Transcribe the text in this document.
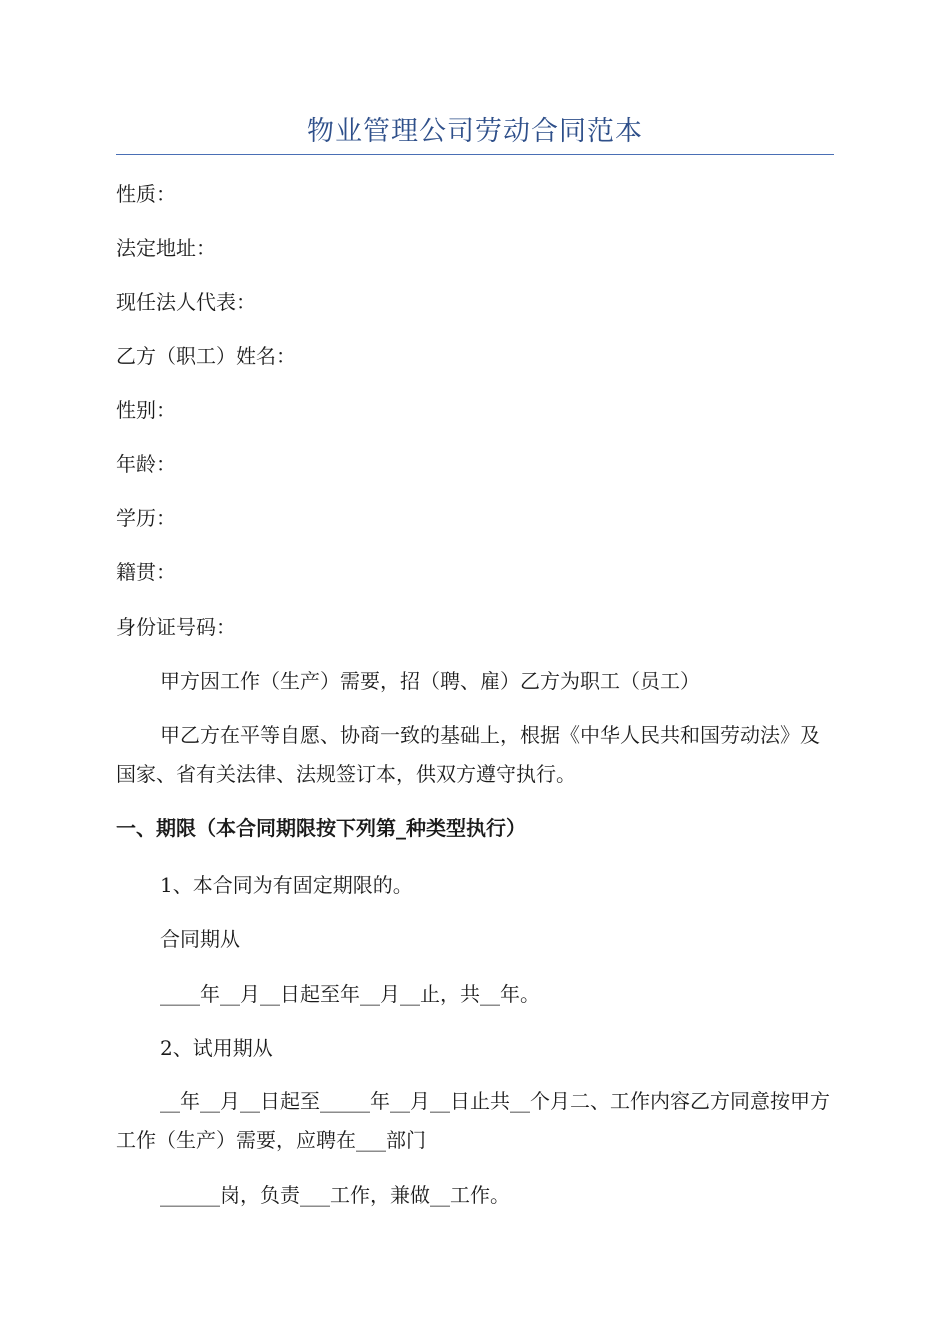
物业管理公司劳动合同范本
性质：
法定地址：
现任法人代表：
乙方（职工）姓名：
性别：
年龄：
学历：
籍贯：
身份证号码：
甲方因工作（生产）需要，招（聘、雇）乙方为职工（员工）
甲乙方在平等自愿、协商一致的基础上，根据《中华人民共和国劳动法》及国家、省有关法律、法规签订本，供双方遵守执行。
一、期限（本合同期限按下列第_种类型执行）
1、本合同为有固定期限的。
合同期从
____年__月__日起至年__月__止，共__年。
2、试用期从
__年__月__日起至_____年__月__日止共__个月二、工作内容乙方同意按甲方工作（生产）需要，应聘在___部门
______岗，负责___工作，兼做__工作。
